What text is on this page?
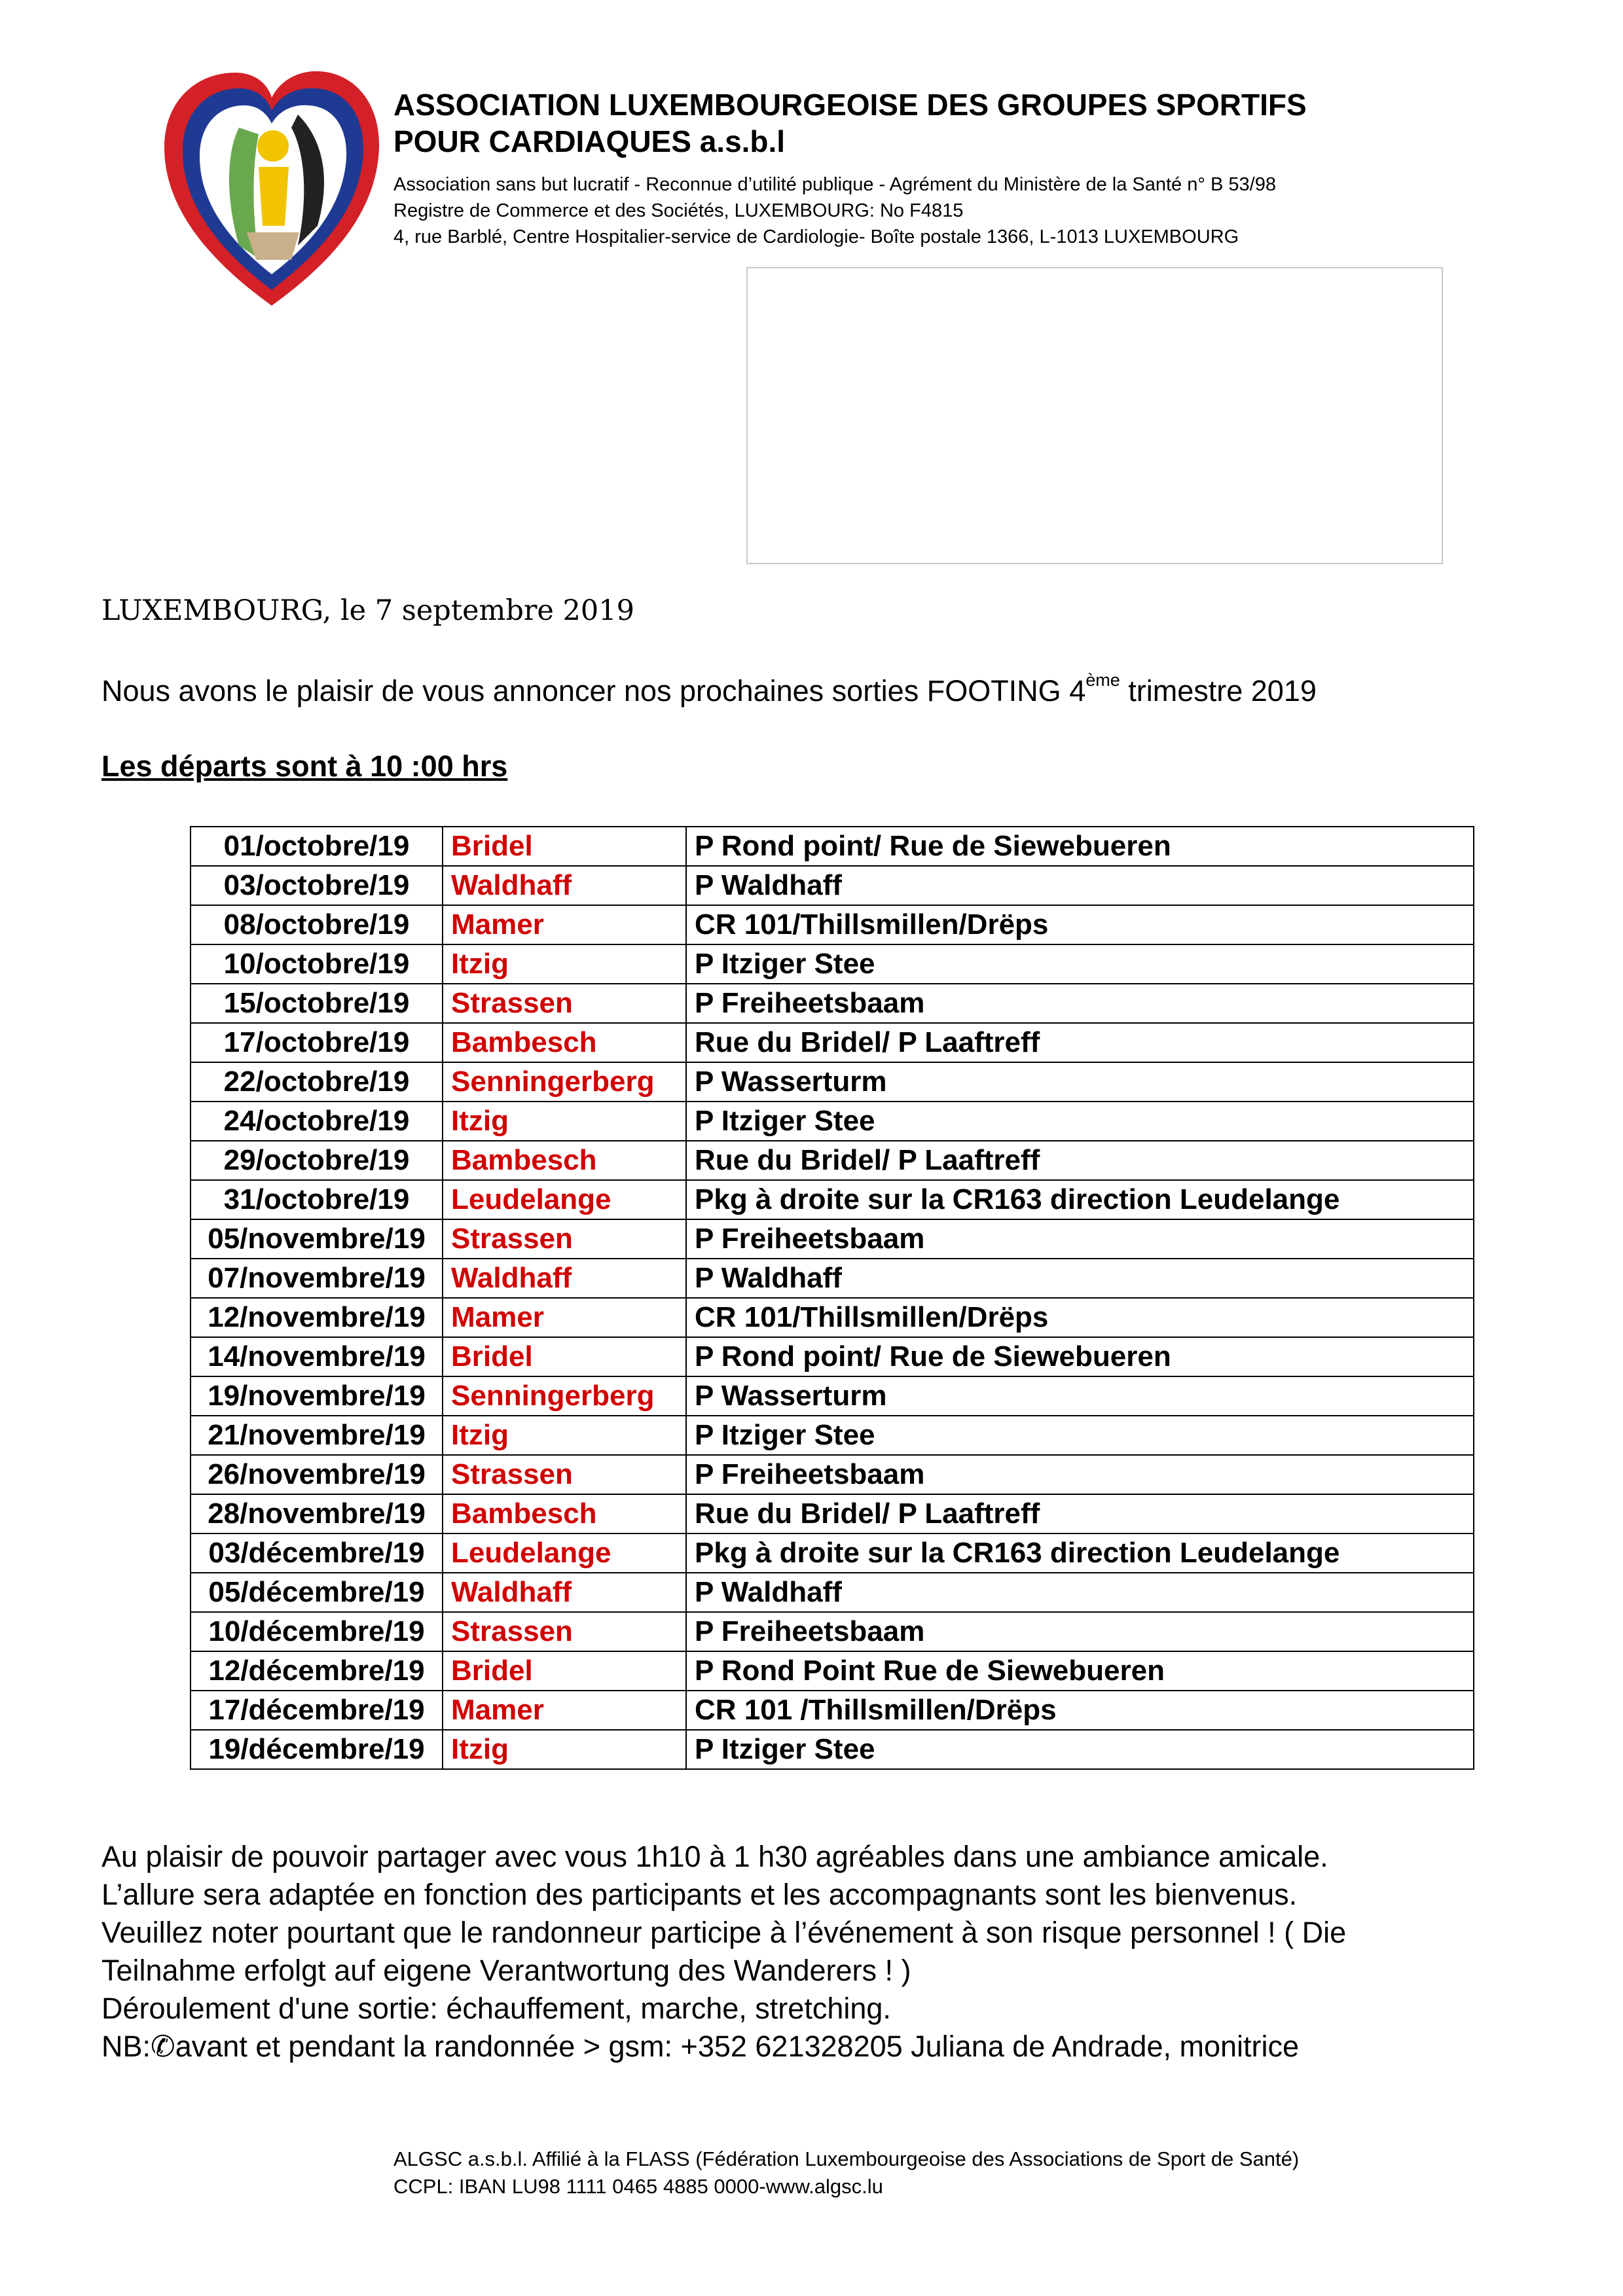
ASSOCIATION LUXEMBOURGEOISE DES GROUPES SPORTIFS
POUR CARDIAQUES a.s.b.l
Association sans but lucratif - Reconnue d’utilité publique - Agrément du Ministère de la Santé n° B 53/98
Registre de Commerce et des Sociétés, LUXEMBOURG: No F4815
4, rue Barblé, Centre Hospitalier-service de Cardiologie- Boîte postale 1366, L-1013 LUXEMBOURG
LUXEMBOURG, le 7 septembre 2019
Nous avons le plaisir de vous annoncer nos prochaines sorties FOOTING 4ème trimestre 2019
Les départs sont à 10 :00 hrs
01/octobre/19	Bridel	P Rond point/ Rue de Siewebueren
03/octobre/19	Waldhaff	P Waldhaff
08/octobre/19	Mamer	CR 101/Thillsmillen/Drëps
10/octobre/19	Itzig	P Itziger Stee
15/octobre/19	Strassen	P Freiheetsbaam
17/octobre/19	Bambesch	Rue du Bridel/ P Laaftreff
22/octobre/19	Senningerberg	P Wasserturm
24/octobre/19	Itzig	P Itziger Stee
29/octobre/19	Bambesch	Rue du Bridel/ P Laaftreff
31/octobre/19	Leudelange	Pkg à droite sur la CR163 direction Leudelange
05/novembre/19	Strassen	P Freiheetsbaam
07/novembre/19	Waldhaff	P Waldhaff
12/novembre/19	Mamer	CR 101/Thillsmillen/Drëps
14/novembre/19	Bridel	P Rond point/ Rue de Siewebueren
19/novembre/19	Senningerberg	P Wasserturm
21/novembre/19	Itzig	P Itziger Stee
26/novembre/19	Strassen	P Freiheetsbaam
28/novembre/19	Bambesch	Rue du Bridel/ P Laaftreff
03/décembre/19	Leudelange	Pkg à droite sur la CR163 direction Leudelange
05/décembre/19	Waldhaff	P Waldhaff
10/décembre/19	Strassen	P Freiheetsbaam
12/décembre/19	Bridel	P Rond Point Rue de Siewebueren
17/décembre/19	Mamer	CR 101 /Thillsmillen/Drëps
19/décembre/19	Itzig	P Itziger Stee

Au plaisir de pouvoir partager avec vous 1h10 à 1 h30 agréables dans une ambiance amicale.

L’allure sera adaptée en fonction des participants et les accompagnants sont les bienvenus.

Veuillez noter pourtant que le randonneur participe à l’événement à son risque personnel ! ( Die

Teilnahme erfolgt auf eigene Verantwortung des Wanderers ! )

Déroulement d'une sortie: échauffement, marche, stretching.

NB:✆avant et pendant la randonnée > gsm: +352 621328205 Juliana de Andrade, monitrice

ALGSC a.s.b.l. Affilié à la FLASS (Fédération Luxembourgeoise des Associations de Sport de Santé)
CCPL: IBAN LU98 1111 0465 4885 0000-www.algsc.lu
